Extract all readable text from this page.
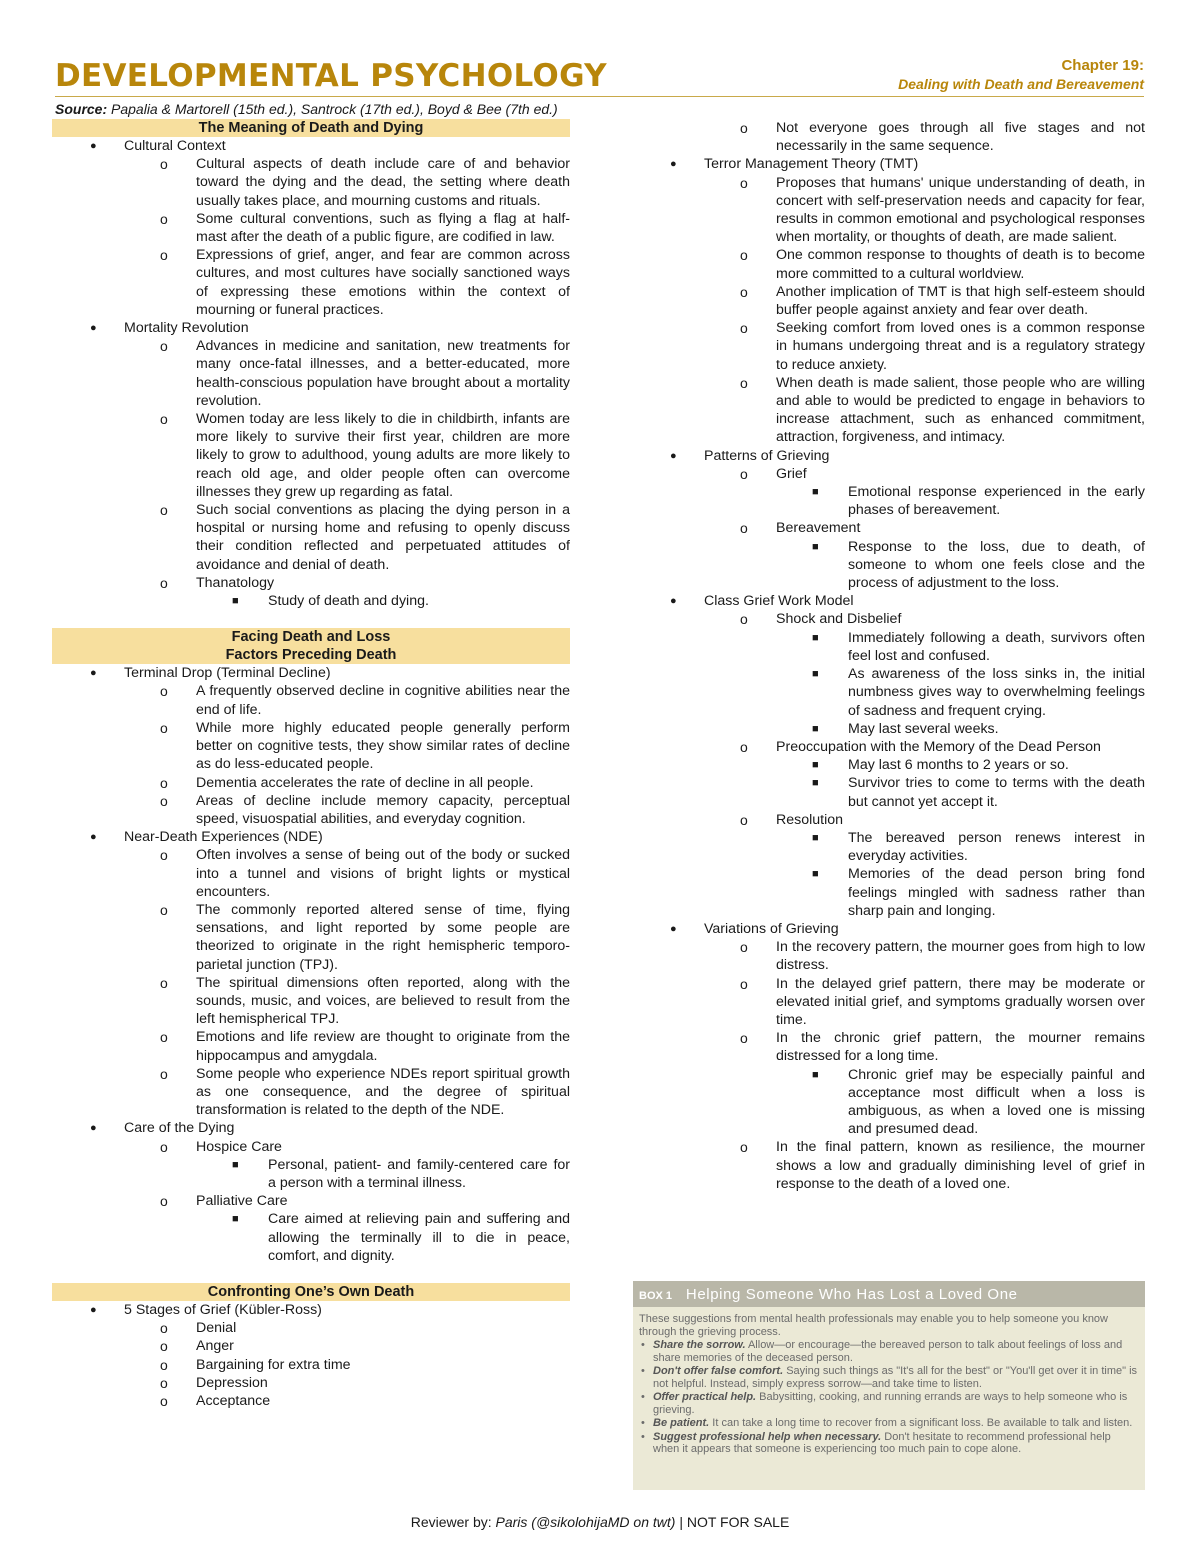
DEVELOPMENTAL PSYCHOLOGY	Chapter 19:
Dealing with Death and Bereavement
Source: Papalia & Martorell (15th ed.), Santrock (17th ed.), Boyd & Bee (7th ed.)
The Meaning of Death and Dying
● Cultural Context
o Cultural aspects of death include care of and behavior toward the dying and the dead, the setting where death usually takes place, and mourning customs and rituals.
o Some cultural conventions, such as flying a flag at half-mast after the death of a public figure, are codified in law.
o Expressions of grief, anger, and fear are common across cultures, and most cultures have socially sanctioned ways of expressing these emotions within the context of mourning or funeral practices.
● Mortality Revolution
o Advances in medicine and sanitation, new treatments for many once-fatal illnesses, and a better-educated, more health-conscious population have brought about a mortality revolution.
o Women today are less likely to die in childbirth, infants are more likely to survive their first year, children are more likely to grow to adulthood, young adults are more likely to reach old age, and older people often can overcome illnesses they grew up regarding as fatal.
o Such social conventions as placing the dying person in a hospital or nursing home and refusing to openly discuss their condition reflected and perpetuated attitudes of avoidance and denial of death.
o Thanatology
■ Study of death and dying.
Facing Death and Loss
Factors Preceding Death
● Terminal Drop (Terminal Decline)
o A frequently observed decline in cognitive abilities near the end of life.
o While more highly educated people generally perform better on cognitive tests, they show similar rates of decline as do less-educated people.
o Dementia accelerates the rate of decline in all people.
o Areas of decline include memory capacity, perceptual speed, visuospatial abilities, and everyday cognition.
● Near-Death Experiences (NDE)
o Often involves a sense of being out of the body or sucked into a tunnel and visions of bright lights or mystical encounters.
o The commonly reported altered sense of time, flying sensations, and light reported by some people are theorized to originate in the right hemispheric temporo-parietal junction (TPJ).
o The spiritual dimensions often reported, along with the sounds, music, and voices, are believed to result from the left hemispherical TPJ.
o Emotions and life review are thought to originate from the hippocampus and amygdala.
o Some people who experience NDEs report spiritual growth as one consequence, and the degree of spiritual transformation is related to the depth of the NDE.
● Care of the Dying
o Hospice Care
■ Personal, patient- and family-centered care for a person with a terminal illness.
o Palliative Care
■ Care aimed at relieving pain and suffering and allowing the terminally ill to die in peace, comfort, and dignity.
Confronting One’s Own Death
● 5 Stages of Grief (Kübler-Ross)
o Denial
o Anger
o Bargaining for extra time
o Depression
o Acceptance
o Not everyone goes through all five stages and not necessarily in the same sequence.
● Terror Management Theory (TMT)
o Proposes that humans' unique understanding of death, in concert with self-preservation needs and capacity for fear, results in common emotional and psychological responses when mortality, or thoughts of death, are made salient.
o One common response to thoughts of death is to become more committed to a cultural worldview.
o Another implication of TMT is that high self-esteem should buffer people against anxiety and fear over death.
o Seeking comfort from loved ones is a common response in humans undergoing threat and is a regulatory strategy to reduce anxiety.
o When death is made salient, those people who are willing and able to would be predicted to engage in behaviors to increase attachment, such as enhanced commitment, attraction, forgiveness, and intimacy.
● Patterns of Grieving
o Grief
■ Emotional response experienced in the early phases of bereavement.
o Bereavement
■ Response to the loss, due to death, of someone to whom one feels close and the process of adjustment to the loss.
● Class Grief Work Model
o Shock and Disbelief
■ Immediately following a death, survivors often feel lost and confused.
■ As awareness of the loss sinks in, the initial numbness gives way to overwhelming feelings of sadness and frequent crying.
■ May last several weeks.
o Preoccupation with the Memory of the Dead Person
■ May last 6 months to 2 years or so.
■ Survivor tries to come to terms with the death but cannot yet accept it.
o Resolution
■ The bereaved person renews interest in everyday activities.
■ Memories of the dead person bring fond feelings mingled with sadness rather than sharp pain and longing.
● Variations of Grieving
o In the recovery pattern, the mourner goes from high to low distress.
o In the delayed grief pattern, there may be moderate or elevated initial grief, and symptoms gradually worsen over time.
o In the chronic grief pattern, the mourner remains distressed for a long time.
■ Chronic grief may be especially painful and acceptance most difficult when a loss is ambiguous, as when a loved one is missing and presumed dead.
o In the final pattern, known as resilience, the mourner shows a low and gradually diminishing level of grief in response to the death of a loved one.
BOX 1 Helping Someone Who Has Lost a Loved One
These suggestions from mental health professionals may enable you to help someone you know through the grieving process.
• Share the sorrow. Allow—or encourage—the bereaved person to talk about feelings of loss and share memories of the deceased person.
• Don't offer false comfort. Saying such things as "It's all for the best" or "You'll get over it in time" is not helpful. Instead, simply express sorrow—and take time to listen.
• Offer practical help. Babysitting, cooking, and running errands are ways to help someone who is grieving.
• Be patient. It can take a long time to recover from a significant loss. Be available to talk and listen.
• Suggest professional help when necessary. Don't hesitate to recommend professional help when it appears that someone is experiencing too much pain to cope alone.
Reviewer by: Paris (@sikolohijaMD on twt) | NOT FOR SALE
